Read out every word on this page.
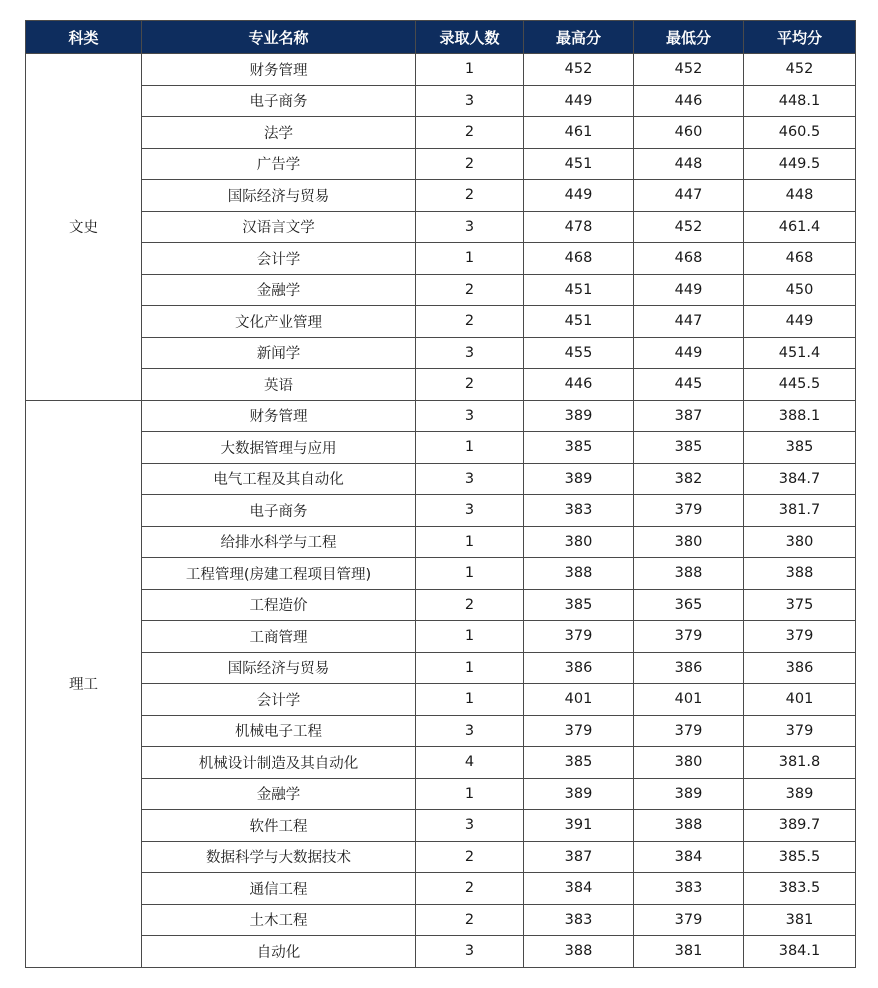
科类	专业名称	录取人数	最高分	最低分	平均分
文史	财务管理	1	452	452	452
	电子商务	3	449	446	448.1
	法学	2	461	460	460.5
	广告学	2	451	448	449.5
	国际经济与贸易	2	449	447	448
	汉语言文学	3	478	452	461.4
	会计学	1	468	468	468
	金融学	2	451	449	450
	文化产业管理	2	451	447	449
	新闻学	3	455	449	451.4
	英语	2	446	445	445.5
理工	财务管理	3	389	387	388.1
	大数据管理与应用	1	385	385	385
	电气工程及其自动化	3	389	382	384.7
	电子商务	3	383	379	381.7
	给排水科学与工程	1	380	380	380
	工程管理(房建工程项目管理)	1	388	388	388
	工程造价	2	385	365	375
	工商管理	1	379	379	379
	国际经济与贸易	1	386	386	386
	会计学	1	401	401	401
	机械电子工程	3	379	379	379
	机械设计制造及其自动化	4	385	380	381.8
	金融学	1	389	389	389
	软件工程	3	391	388	389.7
	数据科学与大数据技术	2	387	384	385.5
	通信工程	2	384	383	383.5
	土木工程	2	383	379	381
	自动化	3	388	381	384.1
